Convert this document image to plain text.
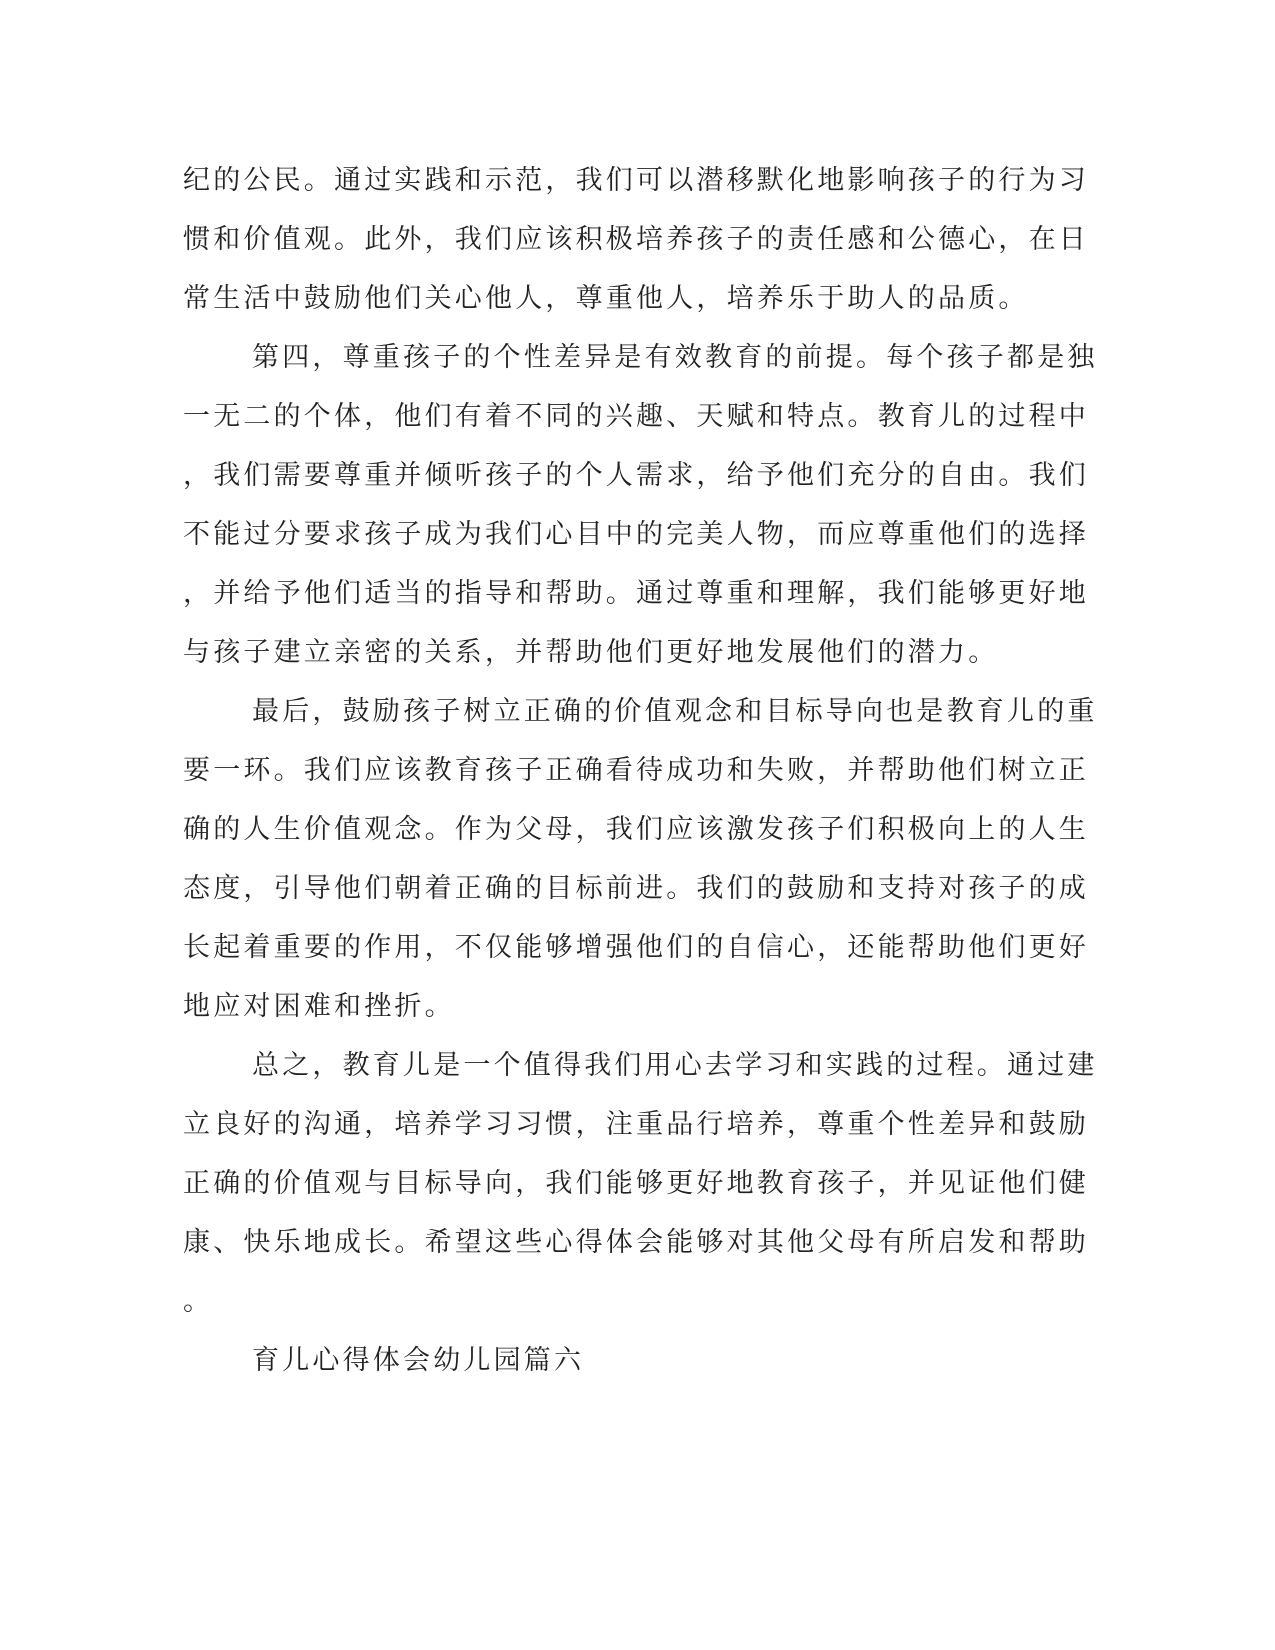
纪的公民。通过实践和示范，我们可以潜移默化地影响孩子的行为习
惯和价值观。此外，我们应该积极培养孩子的责任感和公德心，在日
常生活中鼓励他们关心他人，尊重他人，培养乐于助人的品质。
第四，尊重孩子的个性差异是有效教育的前提。每个孩子都是独
一无二的个体，他们有着不同的兴趣、天赋和特点。教育儿的过程中
，我们需要尊重并倾听孩子的个人需求，给予他们充分的自由。我们
不能过分要求孩子成为我们心目中的完美人物，而应尊重他们的选择
，并给予他们适当的指导和帮助。通过尊重和理解，我们能够更好地
与孩子建立亲密的关系，并帮助他们更好地发展他们的潜力。
最后，鼓励孩子树立正确的价值观念和目标导向也是教育儿的重
要一环。我们应该教育孩子正确看待成功和失败，并帮助他们树立正
确的人生价值观念。作为父母，我们应该激发孩子们积极向上的人生
态度，引导他们朝着正确的目标前进。我们的鼓励和支持对孩子的成
长起着重要的作用，不仅能够增强他们的自信心，还能帮助他们更好
地应对困难和挫折。
总之，教育儿是一个值得我们用心去学习和实践的过程。通过建
立良好的沟通，培养学习习惯，注重品行培养，尊重个性差异和鼓励
正确的价值观与目标导向，我们能够更好地教育孩子，并见证他们健
康、快乐地成长。希望这些心得体会能够对其他父母有所启发和帮助
。
育儿心得体会幼儿园篇六
